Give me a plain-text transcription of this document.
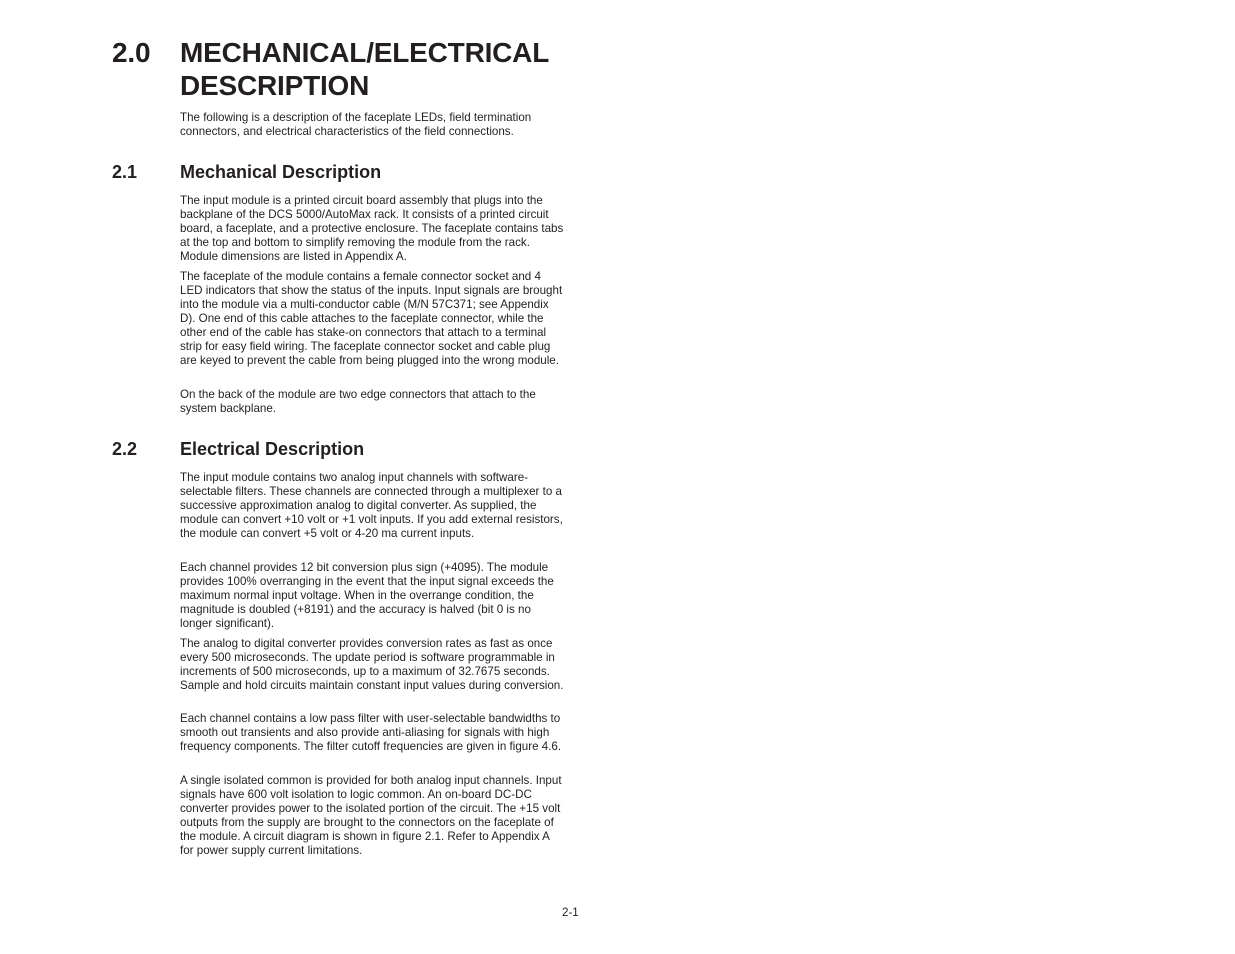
2.0 MECHANICAL/ELECTRICAL DESCRIPTION

The following is a description of the faceplate LEDs, field termination connectors, and electrical characteristics of the field connections.

2.1 Mechanical Description

The input module is a printed circuit board assembly that plugs into the backplane of the DCS 5000/AutoMax rack. It consists of a printed circuit board, a faceplate, and a protective enclosure. The faceplate contains tabs at the top and bottom to simplify removing the module from the rack. Module dimensions are listed in Appendix A.

The faceplate of the module contains a female connector socket and 4 LED indicators that show the status of the inputs. Input signals are brought into the module via a multi-conductor cable (M/N 57C371; see Appendix D). One end of this cable attaches to the faceplate connector, while the other end of the cable has stake-on connectors that attach to a terminal strip for easy field wiring. The faceplate connector socket and cable plug are keyed to prevent the cable from being plugged into the wrong module.

On the back of the module are two edge connectors that attach to the system backplane.

2.2 Electrical Description

The input module contains two analog input channels with software-selectable filters. These channels are connected through a multiplexer to a successive approximation analog to digital converter. As supplied, the module can convert +10 volt or +1 volt inputs. If you add external resistors, the module can convert +5 volt or 4-20 ma current inputs.

Each channel provides 12 bit conversion plus sign (+4095). The module provides 100% overranging in the event that the input signal exceeds the maximum normal input voltage. When in the overrange condition, the magnitude is doubled (+8191) and the accuracy is halved (bit 0 is no longer significant).

The analog to digital converter provides conversion rates as fast as once every 500 microseconds. The update period is software programmable in increments of 500 microseconds, up to a maximum of 32.7675 seconds. Sample and hold circuits maintain constant input values during conversion.

Each channel contains a low pass filter with user-selectable bandwidths to smooth out transients and also provide anti-aliasing for signals with high frequency components. The filter cutoff frequencies are given in figure 4.6.

A single isolated common is provided for both analog input channels. Input signals have 600 volt isolation to logic common. An on-board DC-DC converter provides power to the isolated portion of the circuit. The +15 volt outputs from the supply are brought to the connectors on the faceplate of the module. A circuit diagram is shown in figure 2.1. Refer to Appendix A for power supply current limitations.

2-1
